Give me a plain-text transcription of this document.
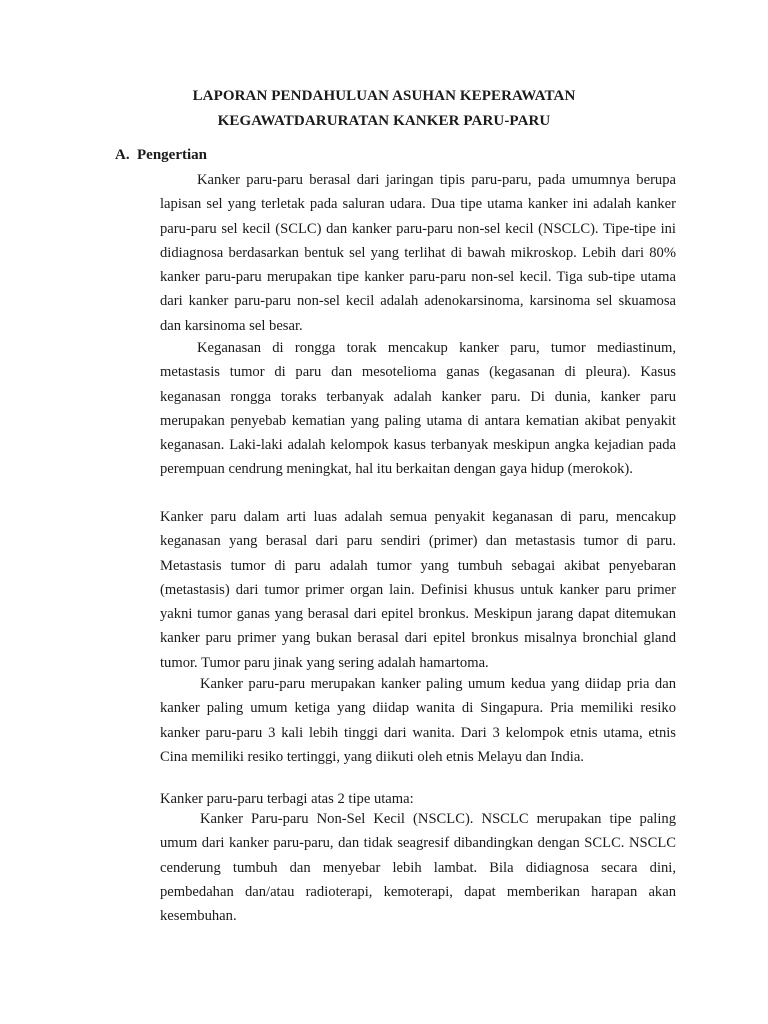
LAPORAN PENDAHULUAN ASUHAN KEPERAWATAN
KEGAWATDARURATAN KANKER PARU-PARU
A. Pengertian

Kanker paru-paru berasal dari jaringan tipis paru-paru, pada umumnya berupa lapisan sel yang terletak pada saluran udara. Dua tipe utama kanker ini adalah kanker paru-paru sel kecil (SCLC) dan kanker paru-paru non-sel kecil (NSCLC). Tipe-tipe ini didiagnosa berdasarkan bentuk sel yang terlihat di bawah mikroskop. Lebih dari 80% kanker paru-paru merupakan tipe kanker paru-paru non-sel kecil. Tiga sub-tipe utama dari kanker paru-paru non-sel kecil adalah adenokarsinoma, karsinoma sel skuamosa dan karsinoma sel besar.

Keganasan di rongga torak mencakup kanker paru, tumor mediastinum, metastasis tumor di paru dan mesotelioma ganas (kegasanan di pleura). Kasus keganasan rongga toraks terbanyak adalah kanker paru. Di dunia, kanker paru merupakan penyebab kematian yang paling utama di antara kematian akibat penyakit keganasan. Laki-laki adalah kelompok kasus terbanyak meskipun angka kejadian pada perempuan cendrung meningkat, hal itu berkaitan dengan gaya hidup (merokok).

Kanker paru dalam arti luas adalah semua penyakit keganasan di paru, mencakup keganasan yang berasal dari paru sendiri (primer) dan metastasis tumor di paru. Metastasis tumor di paru adalah tumor yang tumbuh sebagai akibat penyebaran (metastasis) dari tumor primer organ lain. Definisi khusus untuk kanker paru primer yakni tumor ganas yang berasal dari epitel bronkus. Meskipun jarang dapat ditemukan kanker paru primer yang bukan berasal dari epitel bronkus misalnya bronchial gland tumor. Tumor paru jinak yang sering adalah hamartoma.

Kanker paru-paru merupakan kanker paling umum kedua yang diidap pria dan kanker paling umum ketiga yang diidap wanita di Singapura. Pria memiliki resiko kanker paru-paru 3 kali lebih tinggi dari wanita. Dari 3 kelompok etnis utama, etnis Cina memiliki resiko tertinggi, yang diikuti oleh etnis Melayu dan India.

Kanker paru-paru terbagi atas 2 tipe utama:

Kanker Paru-paru Non-Sel Kecil (NSCLC). NSCLC merupakan tipe paling umum dari kanker paru-paru, dan tidak seagresif dibandingkan dengan SCLC. NSCLC cenderung tumbuh dan menyebar lebih lambat. Bila didiagnosa secara dini, pembedahan dan/atau radioterapi, kemoterapi, dapat memberikan harapan akan kesembuhan.
